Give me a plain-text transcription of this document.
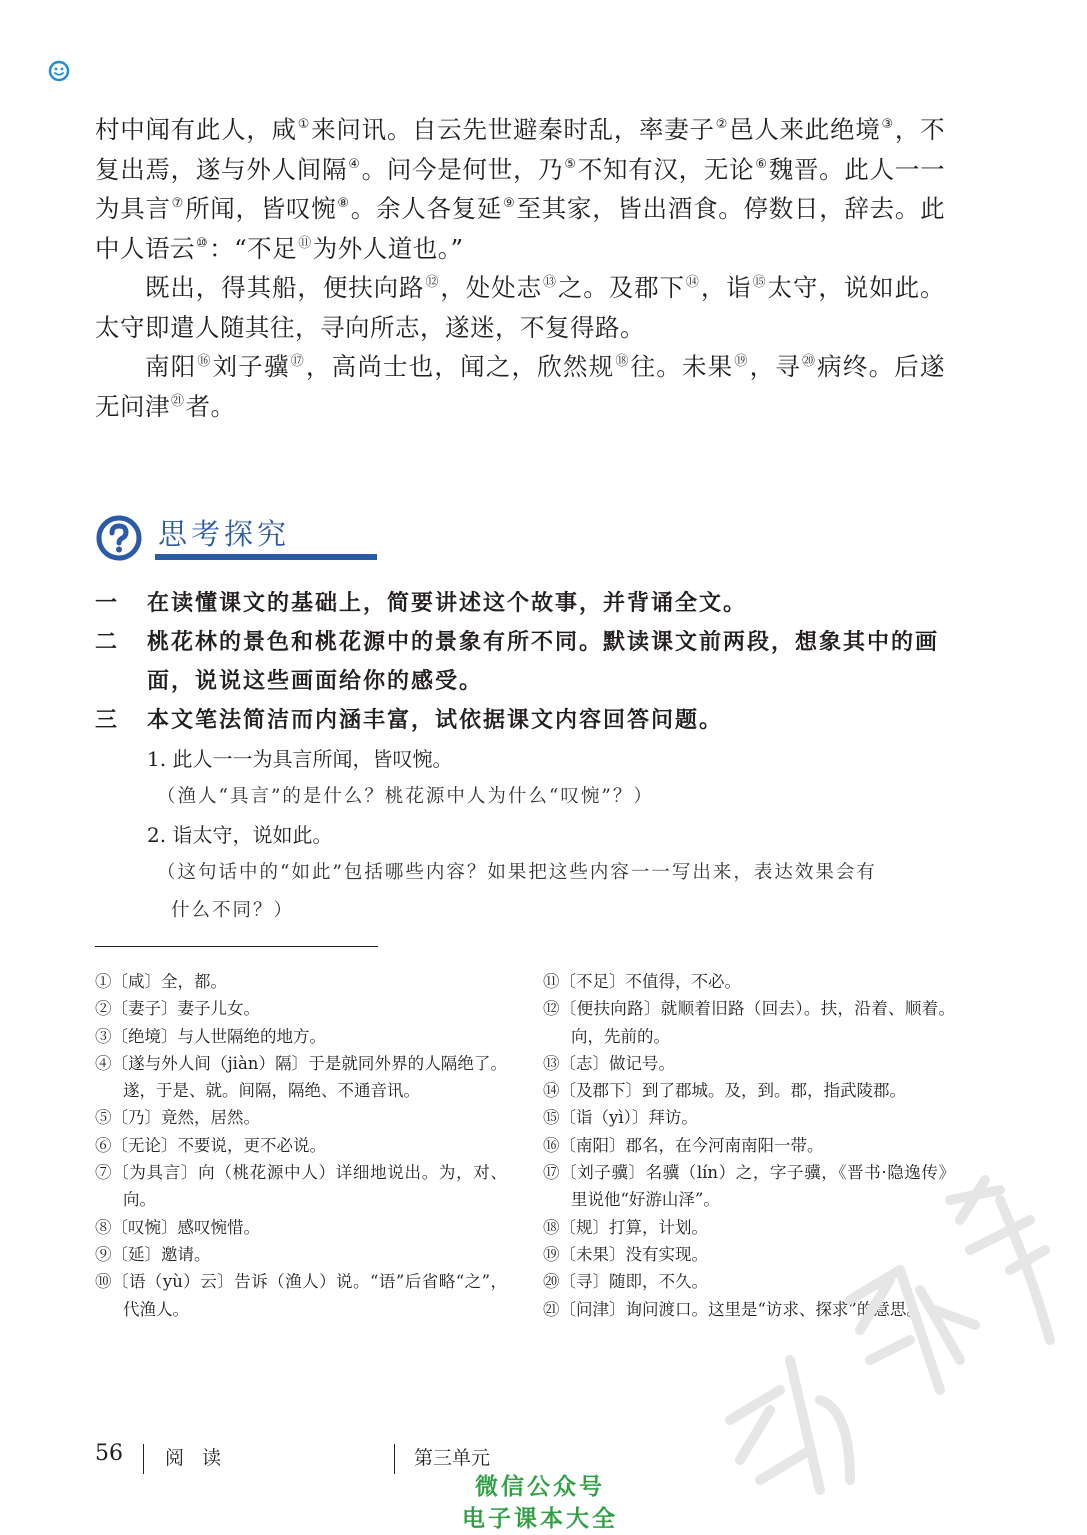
村中闻有此人，咸①来问讯。自云先世避秦时乱，率妻子②邑人来此绝境③，不复出焉，遂与外人间隔④。问今是何世，乃⑤不知有汉，无论⑥魏晋。此人一一为具言⑦所闻，皆叹惋⑧。余人各复延⑨至其家，皆出酒食。停数日，辞去。此中人语云⑩：“不足⑪为外人道也。”

既出，得其船，便扶向路⑫，处处志⑬之。及郡下⑭，诣⑮太守，说如此。太守即遣人随其往，寻向所志，遂迷，不复得路。

南阳⑯刘子骥⑰，高尚士也，闻之，欣然规⑱往。未果⑲，寻⑳病终。后遂无问津$^㉑$者。

思考探究
一 在读懂课文的基础上，简要讲述这个故事，并背诵全文。
二 桃花林的景色和桃花源中的景象有所不同。默读课文前两段，想象其中的画面，说说这些画面给你的感受。
三 本文笔法简洁而内涵丰富，试依据课文内容回答问题。
1. 此人一一为具言所闻，皆叹惋。
（渔人“具言”的是什么？桃花源中人为什么“叹惋”？）
2. 诣太守，说如此。
（这句话中的“如此”包括哪些内容？如果把这些内容一一写出来，表达效果会有什么不同？）
①〔咸〕全，都。
②〔妻子〕妻子儿女。
③〔绝境〕与人世隔绝的地方。
④〔遂与外人间（jiàn）隔〕于是就同外界的人隔绝了。遂，于是、就。间隔，隔绝、不通音讯。
⑤〔乃〕竟然，居然。
⑥〔无论〕不要说，更不必说。
⑦〔为具言〕向（桃花源中人）详细地说出。为，对、向。
⑧〔叹惋〕感叹惋惜。
⑨〔延〕邀请。
⑩〔语（yù）云〕告诉（渔人）说。“语”后省略“之”，代渔人。
⑪〔不足〕不值得，不必。
⑫〔便扶向路〕就顺着旧路（回去）。扶，沿着、顺着。向，先前的。
⑬〔志〕做记号。
⑭〔及郡下〕到了郡城。及，到。郡，指武陵郡。
⑮〔诣（yì）〕拜访。
⑯〔南阳〕郡名，在今河南南阳一带。
⑰〔刘子骥〕名骥（lín）之，字子骥，《晋书·隐逸传》里说他“好游山泽”。
⑱〔规〕打算，计划。
⑲〔未果〕没有实现。
⑳〔寻〕随即，不久。
㉑〔问津〕询问渡口。这里是“访求、探求”的意思。
56 阅 读	第三单元
微信公众号
电子课本大全
